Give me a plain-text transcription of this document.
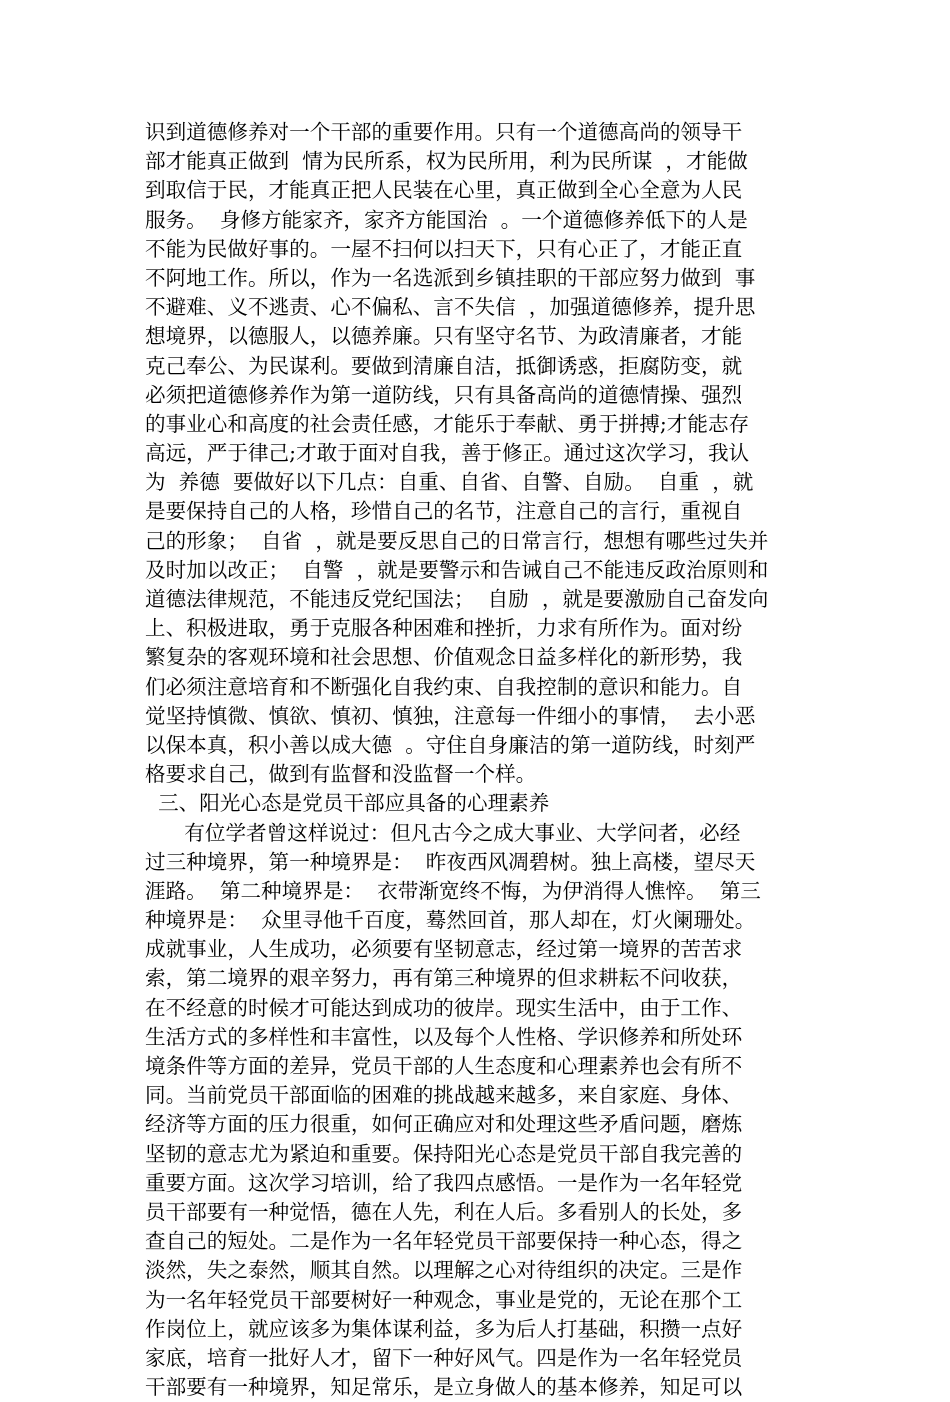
识到道德修养对一个干部的重要作用。只有一个道德高尚的领导干
部才能真正做到  情为民所系，权为民所用，利为民所谋  ，才能做
到取信于民，才能真正把人民装在心里，真正做到全心全意为人民
服务。  身修方能家齐，家齐方能国治  。一个道德修养低下的人是
不能为民做好事的。一屋不扫何以扫天下，只有心正了，才能正直
不阿地工作。所以，作为一名选派到乡镇挂职的干部应努力做到  事
不避难、义不逃责、心不偏私、言不失信  ，加强道德修养，提升思
想境界，以德服人，以德养廉。只有坚守名节、为政清廉者，才能
克己奉公、为民谋利。要做到清廉自洁，抵御诱惑，拒腐防变，就
必须把道德修养作为第一道防线，只有具备高尚的道德情操、强烈
的事业心和高度的社会责任感，才能乐于奉献、勇于拼搏;才能志存
高远，严于律己;才敢于面对自我，善于修正。通过这次学习，我认
为  养德  要做好以下几点：自重、自省、自警、自励。  自重  ，就
是要保持自己的人格，珍惜自己的名节，注意自己的言行，重视自
己的形象；  自省  ，就是要反思自己的日常言行，想想有哪些过失并
及时加以改正；  自警  ，就是要警示和告诫自己不能违反政治原则和
道德法律规范，不能违反党纪国法；  自励  ，就是要激励自己奋发向
上、积极进取，勇于克服各种困难和挫折，力求有所作为。面对纷
繁复杂的客观环境和社会思想、价值观念日益多样化的新形势，我
们必须注意培育和不断强化自我约束、自我控制的意识和能力。自
觉坚持慎微、慎欲、慎初、慎独，注意每一件细小的事情，  去小恶
以保本真，积小善以成大德  。守住自身廉洁的第一道防线，时刻严
格要求自己，做到有监督和没监督一个样。
三、阳光心态是党员干部应具备的心理素养
有位学者曾这样说过：但凡古今之成大事业、大学问者，必经
过三种境界，第一种境界是：  昨夜西风凋碧树。独上高楼，望尽天
涯路。  第二种境界是：  衣带渐宽终不悔，为伊消得人憔悴。  第三
种境界是：  众里寻他千百度，蓦然回首，那人却在，灯火阑珊处。
成就事业，人生成功，必须要有坚韧意志，经过第一境界的苦苦求
索，第二境界的艰辛努力，再有第三种境界的但求耕耘不问收获，
在不经意的时候才可能达到成功的彼岸。现实生活中，由于工作、
生活方式的多样性和丰富性，以及每个人性格、学识修养和所处环
境条件等方面的差异，党员干部的人生态度和心理素养也会有所不
同。当前党员干部面临的困难的挑战越来越多，来自家庭、身体、
经济等方面的压力很重，如何正确应对和处理这些矛盾问题，磨炼
坚韧的意志尤为紧迫和重要。保持阳光心态是党员干部自我完善的
重要方面。这次学习培训，给了我四点感悟。一是作为一名年轻党
员干部要有一种觉悟，德在人先，利在人后。多看别人的长处，多
查自己的短处。二是作为一名年轻党员干部要保持一种心态，得之
淡然，失之泰然，顺其自然。以理解之心对待组织的决定。三是作
为一名年轻党员干部要树好一种观念，事业是党的，无论在那个工
作岗位上，就应该多为集体谋利益，多为后人打基础，积攒一点好
家底，培育一批好人才，留下一种好风气。四是作为一名年轻党员
干部要有一种境界，知足常乐，是立身做人的基本修养，知足可以
